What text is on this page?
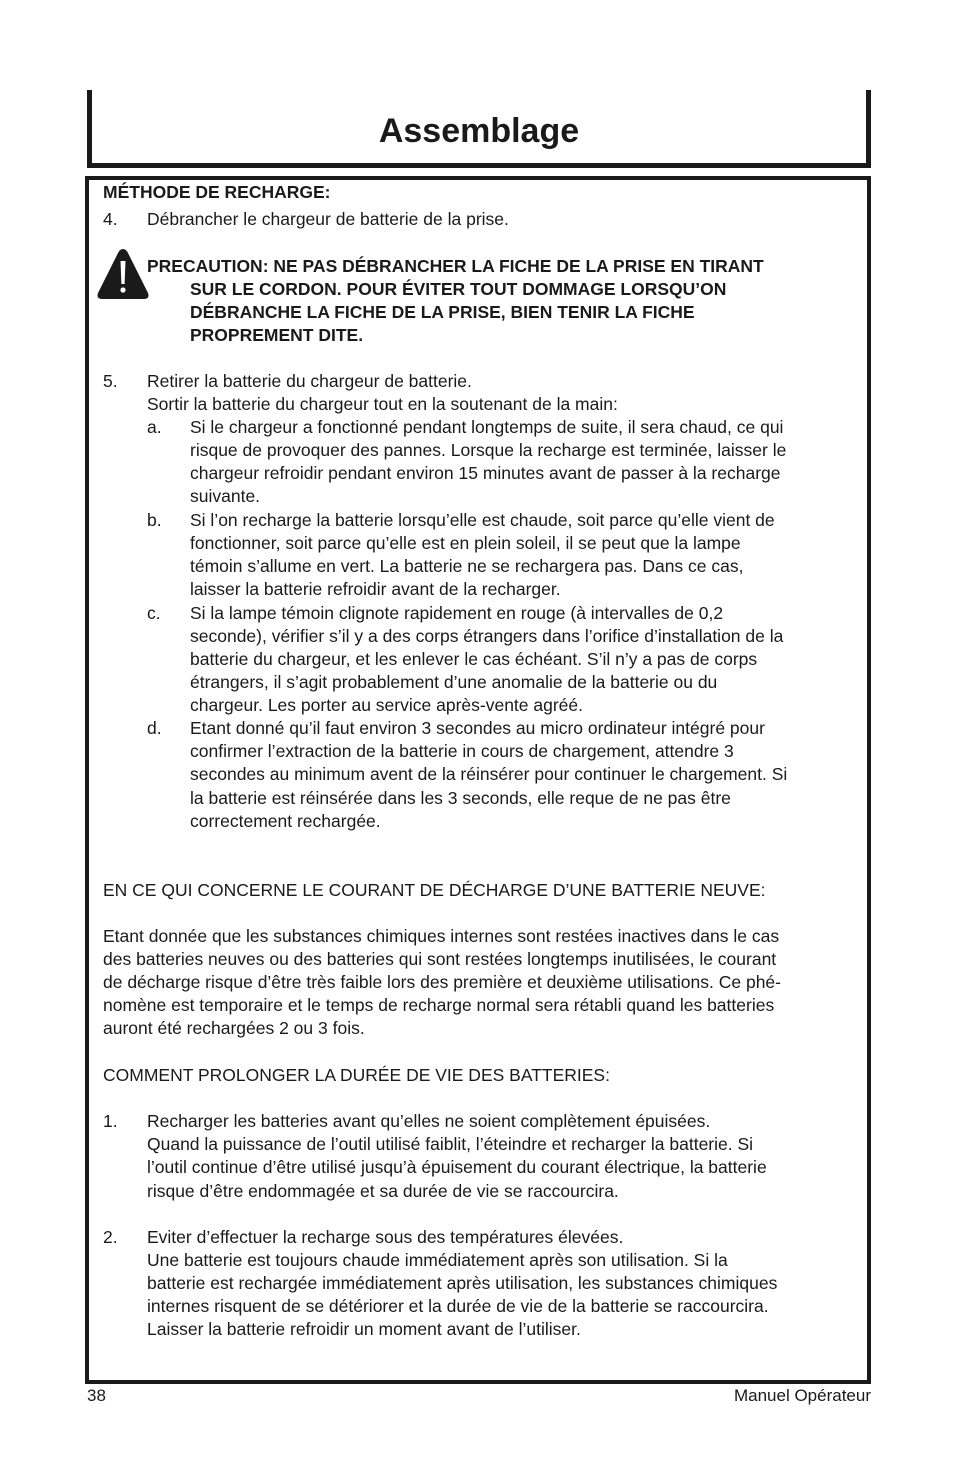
Assemblage
MÉTHODE DE RECHARGE:
4. Débrancher le chargeur de batterie de la prise.
PRECAUTION: NE PAS DÉBRANCHER LA FICHE DE LA PRISE EN TIRANT
SUR LE CORDON. POUR ÉVITER TOUT DOMMAGE LORSQU’ON
DÉBRANCHE LA FICHE DE LA PRISE, BIEN TENIR LA FICHE
PROPREMENT DITE.
5. Retirer la batterie du chargeur de batterie.
Sortir la batterie du chargeur tout en la soutenant de la main:
a. Si le chargeur a fonctionné pendant longtemps de suite, il sera chaud, ce qui
risque de provoquer des pannes. Lorsque la recharge est terminée, laisser le
chargeur refroidir pendant environ 15 minutes avant de passer à la recharge
suivante.
b. Si l’on recharge la batterie lorsqu’elle est chaude, soit parce qu’elle vient de
fonctionner, soit parce qu’elle est en plein soleil, il se peut que la lampe
témoin s’allume en vert. La batterie ne se rechargera pas. Dans ce cas,
laisser la batterie refroidir avant de la recharger.
c. Si la lampe témoin clignote rapidement en rouge (à intervalles de 0,2
seconde), vérifier s’il y a des corps étrangers dans l’orifice d’installation de la
batterie du chargeur, et les enlever le cas échéant. S’il n’y a pas de corps
étrangers, il s’agit probablement d’une anomalie de la batterie ou du
chargeur. Les porter au service après-vente agréé.
d. Etant donné qu’il faut environ 3 secondes au micro ordinateur intégré pour
confirmer l’extraction de la batterie in cours de chargement, attendre 3
secondes au minimum avent de la réinsérer pour continuer le chargement. Si
la batterie est réinsérée dans les 3 seconds, elle reque de ne pas être
correctement rechargée.
EN CE QUI CONCERNE LE COURANT DE DÉCHARGE D’UNE BATTERIE NEUVE:
Etant donnée que les substances chimiques internes sont restées inactives dans le cas
des batteries neuves ou des batteries qui sont restées longtemps inutilisées, le courant
de décharge risque d’être très faible lors des première et deuxième utilisations. Ce phé-
nomène est temporaire et le temps de recharge normal sera rétabli quand les batteries
auront été rechargées 2 ou 3 fois.
COMMENT PROLONGER LA DURÉE DE VIE DES BATTERIES:
1. Recharger les batteries avant qu’elles ne soient complètement épuisées.
Quand la puissance de l’outil utilisé faiblit, l’éteindre et recharger la batterie. Si
l’outil continue d’être utilisé jusqu’à épuisement du courant électrique, la batterie
risque d’être endommagée et sa durée de vie se raccourcira.
2. Eviter d’effectuer la recharge sous des températures élevées.
Une batterie est toujours chaude immédiatement après son utilisation. Si la
batterie est rechargée immédiatement après utilisation, les substances chimiques
internes risquent de se détériorer et la durée de vie de la batterie se raccourcira.
Laisser la batterie refroidir un moment avant de l’utiliser.
38	Manuel Opérateur
